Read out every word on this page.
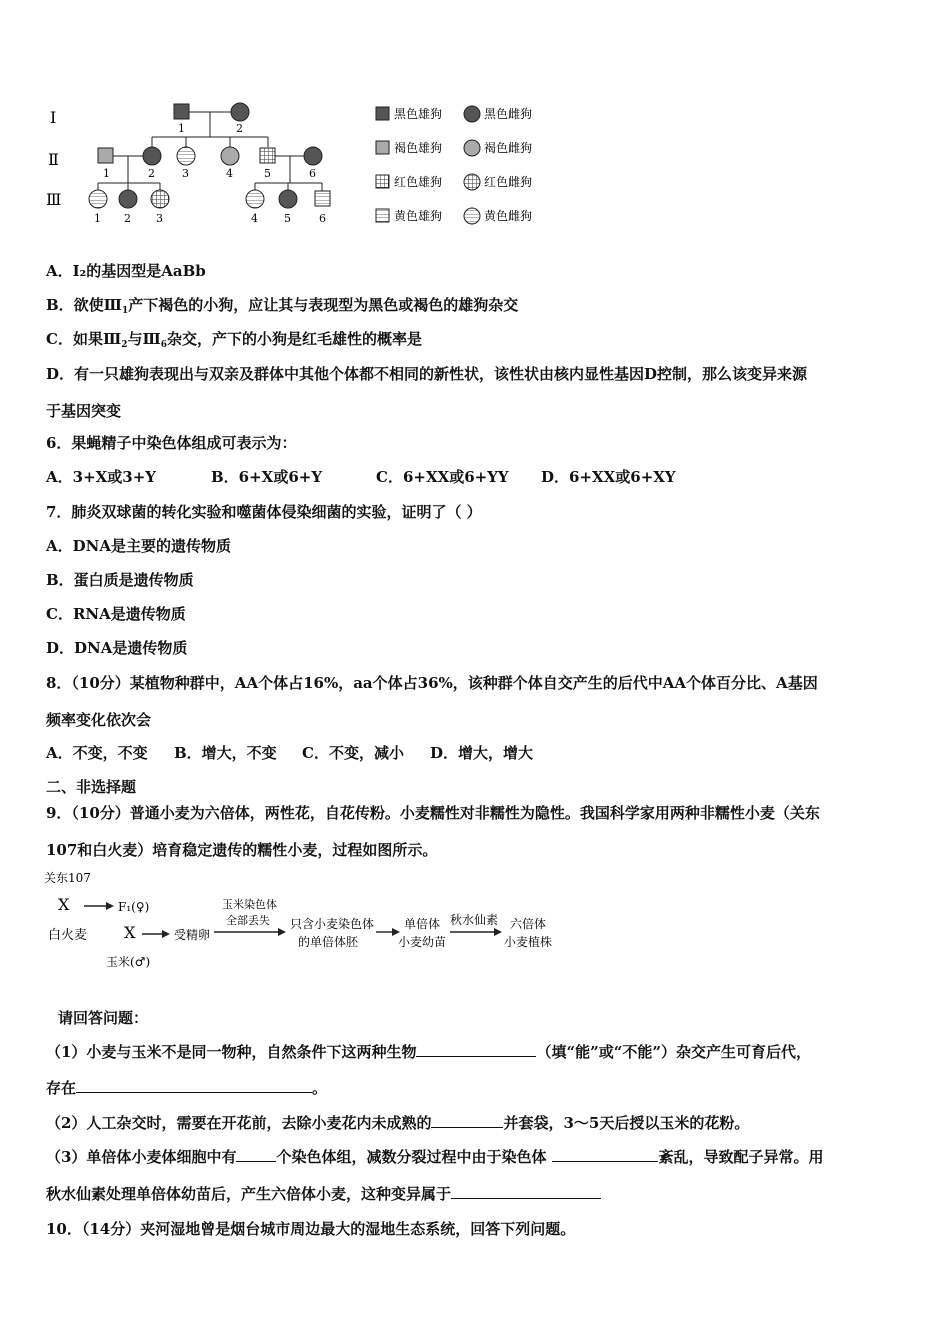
Ⅰ
Ⅱ
Ⅲ
1	2
1	2 3	4	5	6
1 2 3	4 5	6
黑色雄狗	黑色雌狗
褐色雄狗	褐色雌狗
红色雄狗	红色雌狗
黄色雄狗	黄色雌狗
A．Ⅰ₂的基因型是AaBb
B．欲使$Ⅲ_1$产下褐色的小狗，应让其与表现型为黑色或褐色的雄狗杂交
C．如果$Ⅲ_2$与$Ⅲ_6$杂交，产下的小狗是红毛雄性的概率是
D．有一只雄狗表现出与双亲及群体中其他个体都不相同的新性状，该性状由核内显性基因D控制，那么该变异来源
于基因突变
6．果蝇精子中染色体组成可表示为：
A．3+X或3+Y	B．6+X或6+Y	C．6+XX或6+YY D．6+XX或6+XY
7．肺炎双球菌的转化实验和噬菌体侵染细菌的实验，证明了（ ）
A．DNA是主要的遗传物质
B．蛋白质是遗传物质
C．RNA是遗传物质
D．DNA是遗传物质
8．（10分）某植物种群中，AA个体占16%，aa个体占36%，该种群个体自交产生的后代中AA个体百分比、A基因
频率变化依次会
A．不变，不变 B．增大，不变 C．不变，减小 D．增大，增大
二、非选择题
9．（10分）普通小麦为六倍体，两性花，自花传粉。小麦糯性对非糯性为隐性。我国科学家用两种非糯性小麦（关东
107和白火麦）培育稳定遗传的糯性小麦，过程如图所示。
关东107
X	F₁(♀)
白火麦 X	受精卵
玉米(♂)
玉米染色体
全部丢失 只含小麦染色体
的单倍体胚
单倍体
小麦幼苗
秋水仙素 六倍体
小麦植株
请回答问题：
（1）小麦与玉米不是同一物种，自然条件下这两种生物	（填“能”或“不能”）杂交产生可育后代，
存在	。
（2）人工杂交时，需要在开花前，去除小麦花内未成熟的	并套袋，3～5天后授以玉米的花粉。
（3）单倍体小麦体细胞中有	个染色体组，减数分裂过程中由于染色体	紊乱，导致配子异常。用
秋水仙素处理单倍体幼苗后，产生六倍体小麦，这种变异属于
10．（14分）夹河湿地曾是烟台城市周边最大的湿地生态系统，回答下列问题。
